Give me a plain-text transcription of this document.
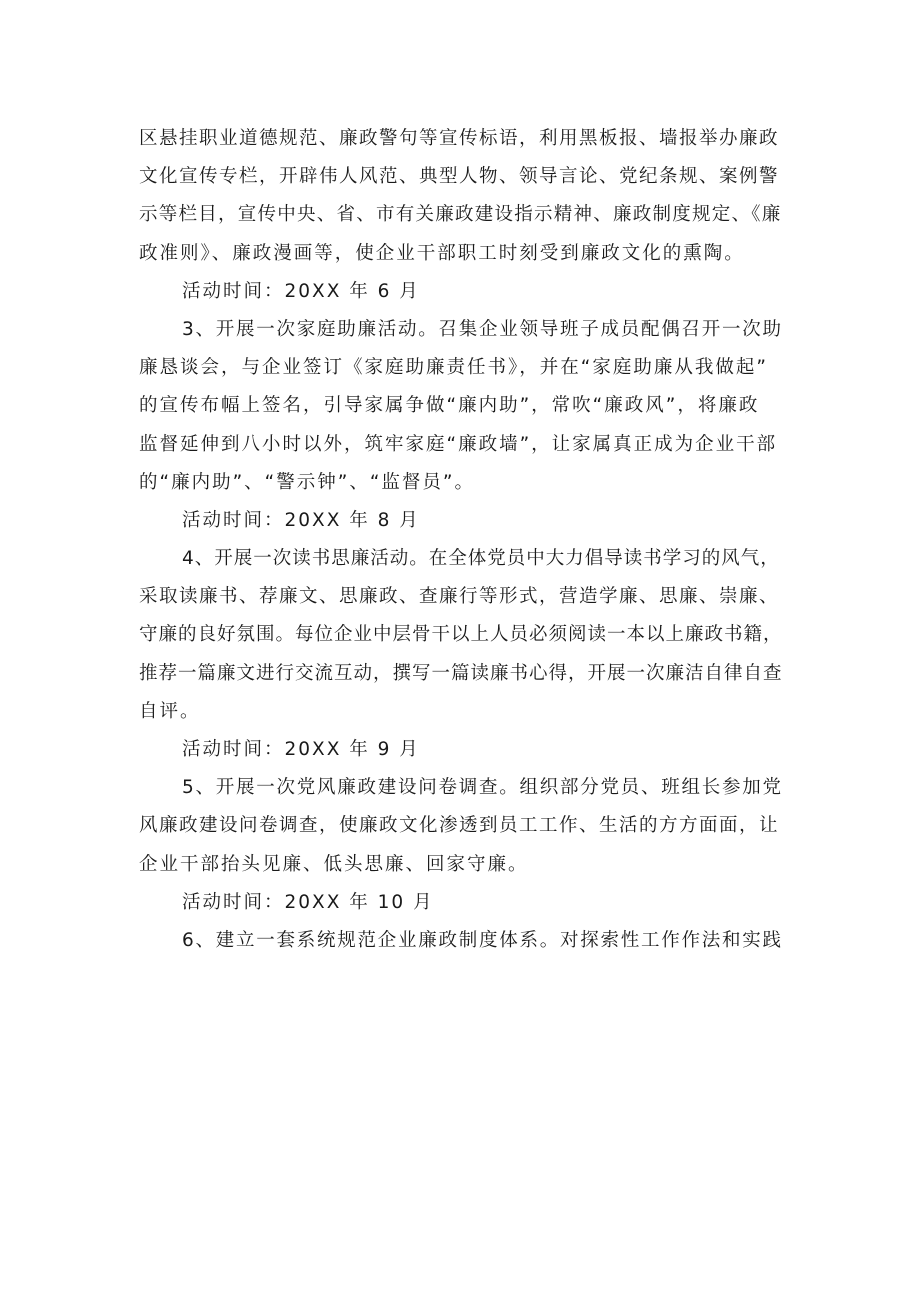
区悬挂职业道德规范、廉政警句等宣传标语，利用黑板报、墙报举办廉政
文化宣传专栏，开辟伟人风范、典型人物、领导言论、党纪条规、案例警
示等栏目，宣传中央、省、市有关廉政建设指示精神、廉政制度规定、《廉
政准则》、廉政漫画等，使企业干部职工时刻受到廉政文化的熏陶。
活动时间：20XX 年 6 月
3、开展一次家庭助廉活动。召集企业领导班子成员配偶召开一次助
廉恳谈会，与企业签订《家庭助廉责任书》，并在“家庭助廉从我做起”
的宣传布幅上签名，引导家属争做“廉内助”，常吹“廉政风”，将廉政
监督延伸到八小时以外，筑牢家庭“廉政墙”，让家属真正成为企业干部
的“廉内助”、“警示钟”、“监督员”。
活动时间：20XX 年 8 月
4、开展一次读书思廉活动。在全体党员中大力倡导读书学习的风气，
采取读廉书、荐廉文、思廉政、查廉行等形式，营造学廉、思廉、崇廉、
守廉的良好氛围。每位企业中层骨干以上人员必须阅读一本以上廉政书籍，
推荐一篇廉文进行交流互动，撰写一篇读廉书心得，开展一次廉洁自律自查
自评。
活动时间：20XX 年 9 月
5、开展一次党风廉政建设问卷调查。组织部分党员、班组长参加党
风廉政建设问卷调查，使廉政文化渗透到员工工作、生活的方方面面，让
企业干部抬头见廉、低头思廉、回家守廉。
活动时间：20XX 年 10 月
6、建立一套系统规范企业廉政制度体系。对探索性工作作法和实践
